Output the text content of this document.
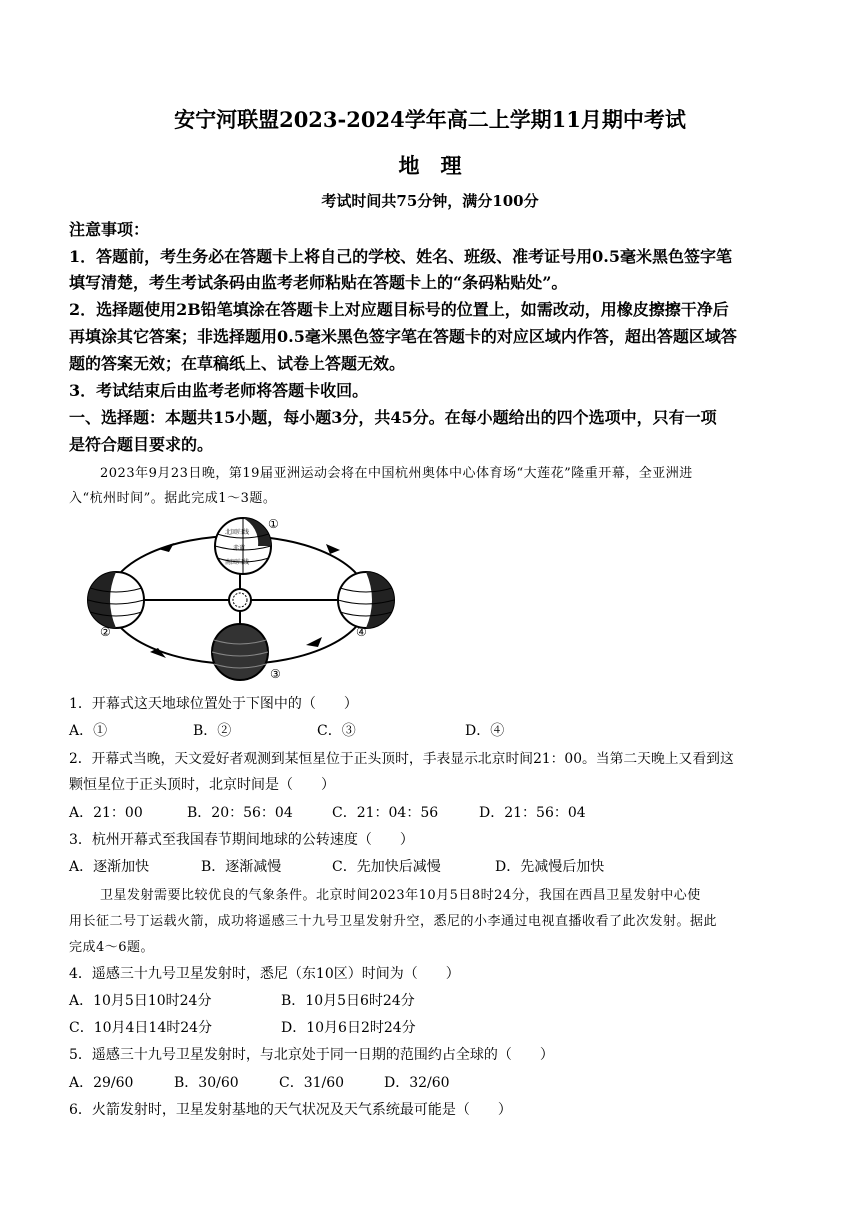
安宁河联盟2023-2024学年高二上学期11月期中考试
地　理
考试时间共75分钟，满分100分
注意事项：
1．答题前，考生务必在答题卡上将自己的学校、姓名、班级、准考证号用0.5毫米黑色签字笔
填写清楚，考生考试条码由监考老师粘贴在答题卡上的“条码粘贴处”。
2．选择题使用2B铅笔填涂在答题卡上对应题目标号的位置上，如需改动，用橡皮擦擦干净后
再填涂其它答案；非选择题用0.5毫米黑色签字笔在答题卡的对应区域内作答，超出答题区域答
题的答案无效；在草稿纸上、试卷上答题无效。
3．考试结束后由监考老师将答题卡收回。
一、选择题：本题共15小题，每小题3分，共45分。在每小题给出的四个选项中，只有一项
是符合题目要求的。
2023年9月23日晚，第19届亚洲运动会将在中国杭州奥体中心体育场“大莲花”隆重开幕，全亚洲进
入“杭州时间”。据此完成1～3题。
北回归线
赤道
南回归线
①
②
③
④
1．开幕式这天地球位置处于下图中的（　　）
A．①	B．②	C．③	D．④
2．开幕式当晚，天文爱好者观测到某恒星位于正头顶时，手表显示北京时间21：00。当第二天晚上又看到这
颗恒星位于正头顶时，北京时间是（　　）
A．21：00	B．20：56：04	C．21：04：56	D．21：56：04
3．杭州开幕式至我国春节期间地球的公转速度（　　）
A．逐渐加快	B．逐渐减慢	C．先加快后减慢	D．先减慢后加快
卫星发射需要比较优良的气象条件。北京时间2023年10月5日8时24分，我国在西昌卫星发射中心使
用长征二号丁运载火箭，成功将遥感三十九号卫星发射升空，悉尼的小李通过电视直播收看了此次发射。据此
完成4～6题。
4．遥感三十九号卫星发射时，悉尼（东10区）时间为（　　）
A．10月5日10时24分	B．10月5日6时24分
C．10月4日14时24分	D．10月6日2时24分
5．遥感三十九号卫星发射时，与北京处于同一日期的范围约占全球的（　　）
A．29/60	B．30/60	C．31/60	D．32/60
6．火箭发射时，卫星发射基地的天气状况及天气系统最可能是（　　）
